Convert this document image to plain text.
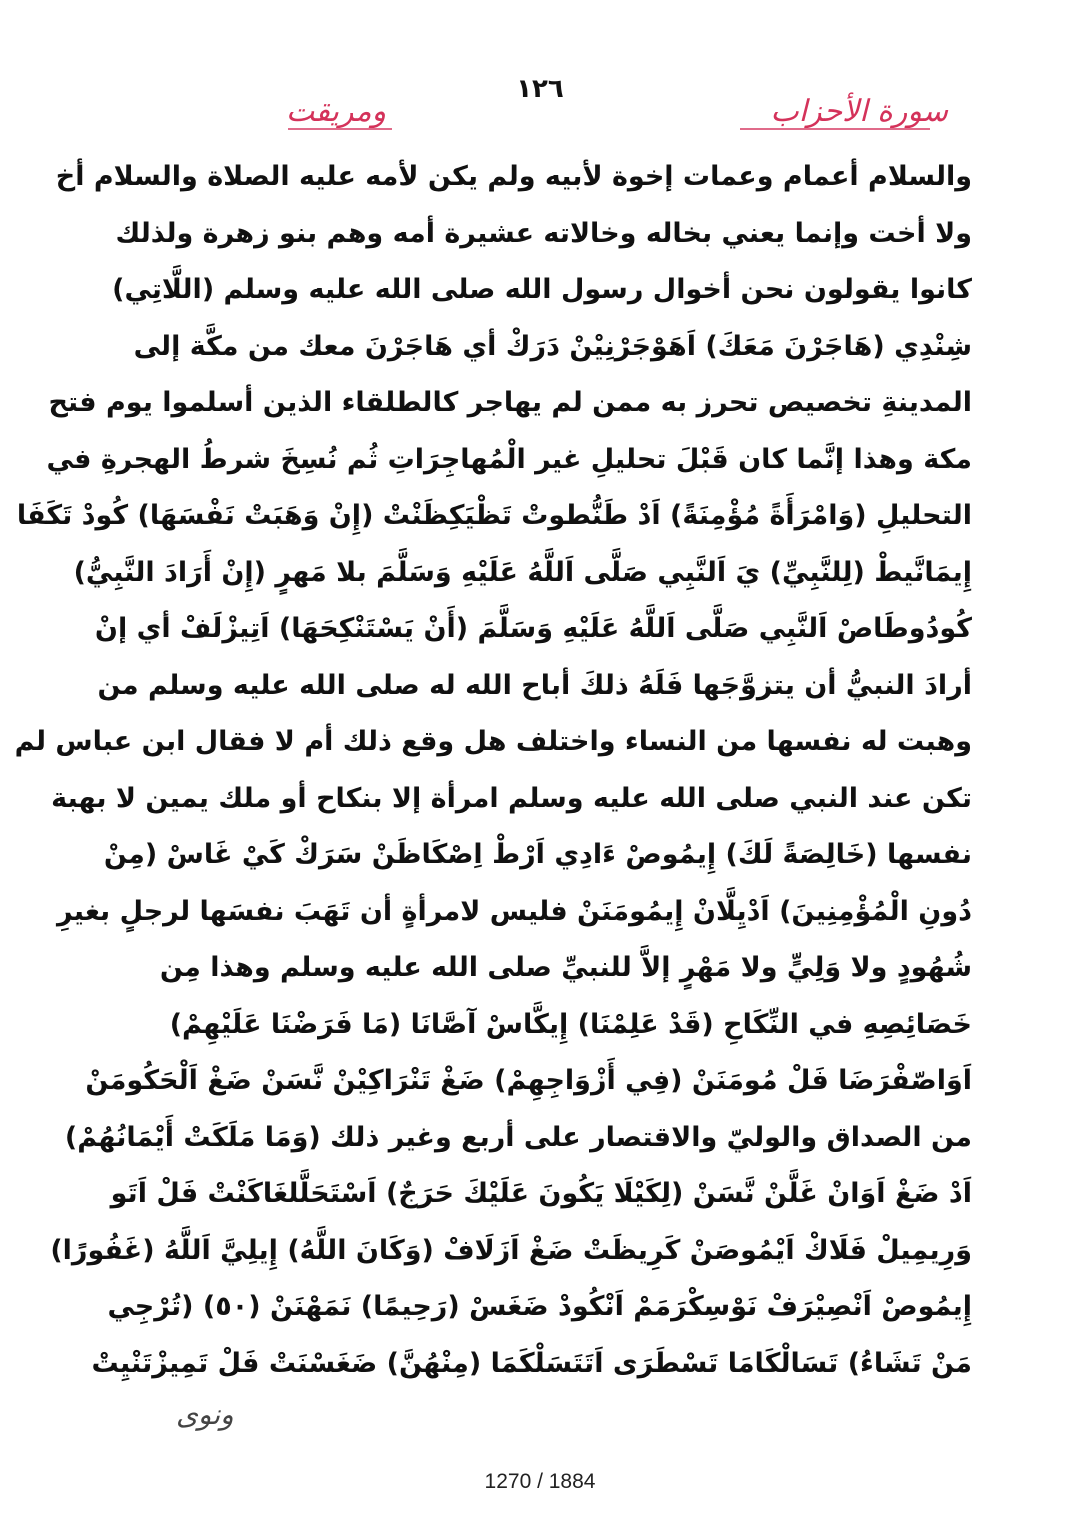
١٢٦
سورة الأحزاب
ومريقت
والسلام أعمام وعمات إخوة لأبيه ولم يكن لأمه عليه الصلاة والسلام أخ
ولا أخت وإنما يعني بخاله وخالاته عشيرة أمه وهم بنو زهرة ولذلك
كانوا يقولون نحن أخوال رسول الله صلى الله عليه وسلم (اللَّاتِي)
شِنْدِي (هَاجَرْنَ مَعَكَ) اَهَوْجَرْنِيْنْ دَرَكْ أي هَاجَرْنَ معك من مكَّة إلى
المدينةِ تخصيص تحرز به ممن لم يهاجر كالطلقاء الذين أسلموا يوم فتح
مكة وهذا إنَّما كان قَبْلَ تحليلِ غير الْمُهاجِرَاتِ ثُم نُسِخَ شرطُ الهجرةِ في
التحليلِ (وَامْرَأَةً مُؤْمِنَةً) اَدْ طَنُّطوتْ تَظْيَكِظَنْتْ (إِنْ وَهَبَتْ نَفْسَهَا) كُودْ تَكَفَا
إِيمَانَّيطْ (لِلنَّبِيِّ) يَ اَلنَّبِي صَلَّى اَللَّهُ عَلَيْهِ وَسَلَّمَ بلا مَهرٍ (إِنْ أَرَادَ النَّبِيُّ)
كُودُوطَاصْ اَلنَّبِي صَلَّى اَللَّهُ عَلَيْهِ وَسَلَّمَ (أَنْ يَسْتَنْكِحَهَا) اَتِيزْلَفْ أي إنْ
أرادَ النبيُّ أن يتزوَّجَها فَلَهُ ذلكَ أباح الله له صلى الله عليه وسلم من
وهبت له نفسها من النساء واختلف هل وقع ذلك أم لا فقال ابن عباس لم
تكن عند النبي صلى الله عليه وسلم امرأة إلا بنكاح أو ملك يمين لا بهبة
نفسها (خَالِصَةً لَكَ) إِيمُوصْ ءَادِي اَرْطْ اِصْكَاظَنْ سَرَكْ كَيْ غَاسْ (مِنْ
دُونِ الْمُؤْمِنِينَ) اَدْيِلَّانْ إِيمُومَنَنْ فليس لامرأةٍ أن تَهَبَ نفسَها لرجلٍ بغيرِ
شُهُودٍ ولا وَلِيٍّ ولا مَهْرٍ إلاَّ للنبيِّ صلى الله عليه وسلم وهذا مِن
خَصَائِصِهِ في النِّكَاحِ (قَدْ عَلِمْنَا) إِيكَّاسْ آصَّانَا (مَا فَرَضْنَا عَلَيْهِمْ)
اَوَاصّفْرَضَا فَلْ مُومَنَنْ (فِي أَزْوَاجِهِمْ) ضَغْ تَنْرَاكِيْنْ نَّسَنْ ضَغْ اَلْحَكُومَنْ
من الصداق والوليّ والاقتصار على أربع وغير ذلك (وَمَا مَلَكَتْ أَيْمَانُهُمْ)
اَدْ ضَغْ اَوَانْ غَلَّنْ نَّسَنْ (لِكَيْلَا يَكُونَ عَلَيْكَ حَرَجٌ) اَسْتَحَلَّلغَاكَنْتْ فَلْ اَتَو
وَرِيمِيلْ فَلَاكْ اَيْمُوصَنْ كَرِيظَتْ ضَغْ اَزَلَافْ (وَكَانَ اللَّهُ) إِيلِيَّ اَللَّهُ (غَفُورًا)
إِيمُوصْ اَنْصِيْرَفْ نَوْسِكْرَمَمْ اَنْكُودْ ضَغَسْ (رَحِيمًا) نَمَهْنَنْ (٥٠) (تُرْجِي
مَنْ تَشَاءُ) تَسَالْكَامَا تَسْطَرَى اَتَتَسَلْكَمَا (مِنْهُنَّ) ضَغَسْنَتْ فَلْ تَمِيزْتَنْيِتْ
ونوى
1270 / 1884
